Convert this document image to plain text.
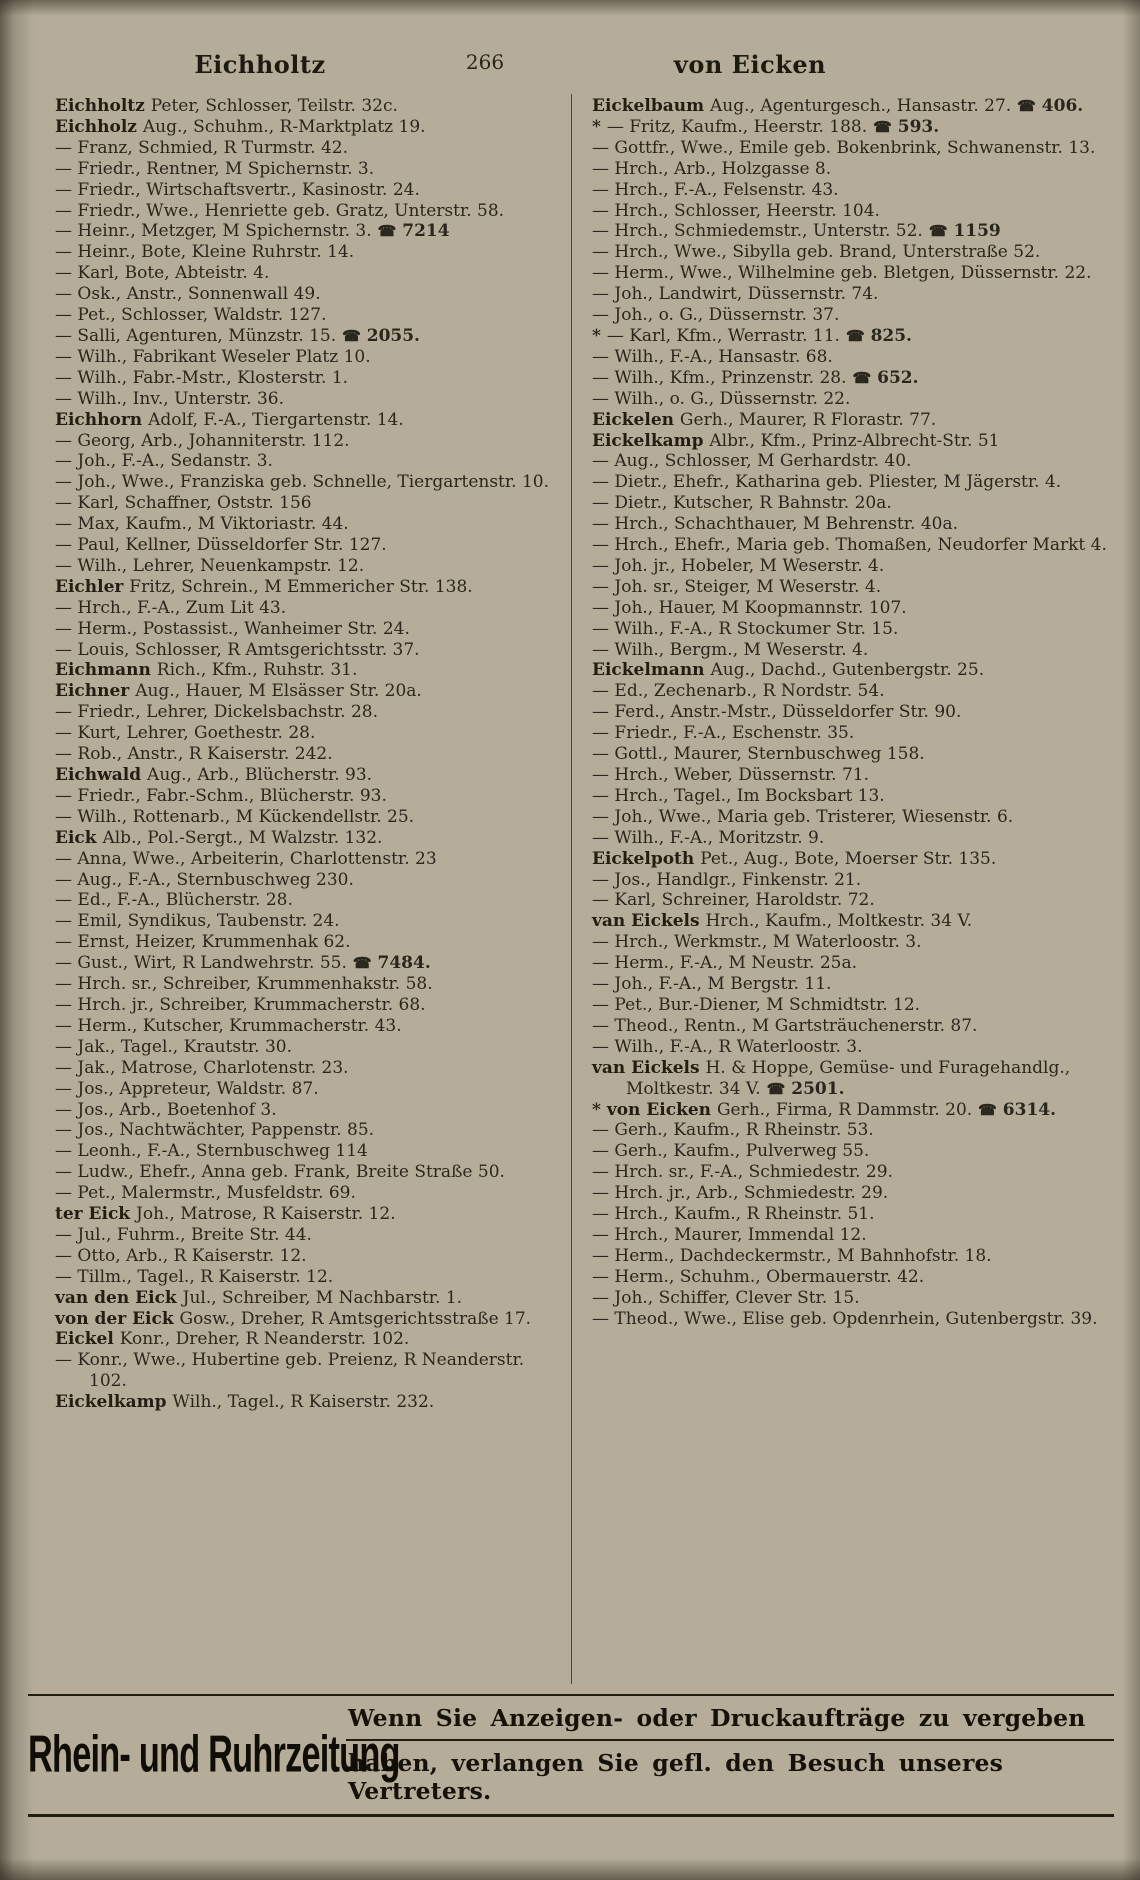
Eichholtz	266	von Eicken

Eichholtz Peter, Schlosser, Teilstr. 32c.

Eichholz Aug., Schuhm., R-Marktplatz 19.

— Franz, Schmied, R Turmstr. 42.

— Friedr., Rentner, M Spichernstr. 3.

— Friedr., Wirtschaftsvertr., Kasinostr. 24.

— Friedr., Wwe., Henriette geb. Gratz, Unterstr. 58.

— Heinr., Metzger, M Spichernstr. 3. ☎ 7214

— Heinr., Bote, Kleine Ruhrstr. 14.

— Karl, Bote, Abteistr. 4.

— Osk., Anstr., Sonnenwall 49.

— Pet., Schlosser, Waldstr. 127.

— Salli, Agenturen, Münzstr. 15. ☎ 2055.

— Wilh., Fabrikant Weseler Platz 10.

— Wilh., Fabr.-Mstr., Klosterstr. 1.

— Wilh., Inv., Unterstr. 36.

Eichhorn Adolf, F.-A., Tiergartenstr. 14.

— Georg, Arb., Johanniterstr. 112.

— Joh., F.-A., Sedanstr. 3.

— Joh., Wwe., Franziska geb. Schnelle, Tiergartenstr. 10.

— Karl, Schaffner, Oststr. 156

— Max, Kaufm., M Viktoriastr. 44.

— Paul, Kellner, Düsseldorfer Str. 127.

— Wilh., Lehrer, Neuenkampstr. 12.

Eichler Fritz, Schrein., M Emmericher Str. 138.

— Hrch., F.-A., Zum Lit 43.

— Herm., Postassist., Wanheimer Str. 24.

— Louis, Schlosser, R Amtsgerichtsstr. 37.

Eichmann Rich., Kfm., Ruhstr. 31.

Eichner Aug., Hauer, M Elsässer Str. 20a.

— Friedr., Lehrer, Dickelsbachstr. 28.

— Kurt, Lehrer, Goethestr. 28.

— Rob., Anstr., R Kaiserstr. 242.

Eichwald Aug., Arb., Blücherstr. 93.

— Friedr., Fabr.-Schm., Blücherstr. 93.

— Wilh., Rottenarb., M Kückendellstr. 25.

Eick Alb., Pol.-Sergt., M Walzstr. 132.

— Anna, Wwe., Arbeiterin, Charlottenstr. 23

— Aug., F.-A., Sternbuschweg 230.

— Ed., F.-A., Blücherstr. 28.

— Emil, Syndikus, Taubenstr. 24.

— Ernst, Heizer, Krummenhak 62.

— Gust., Wirt, R Landwehrstr. 55. ☎ 7484.

— Hrch. sr., Schreiber, Krummenhakstr. 58.

— Hrch. jr., Schreiber, Krummacherstr. 68.

— Herm., Kutscher, Krummacherstr. 43.

— Jak., Tagel., Krautstr. 30.

— Jak., Matrose, Charlotenstr. 23.

— Jos., Appreteur, Waldstr. 87.

— Jos., Arb., Boetenhof 3.

— Jos., Nachtwächter, Pappenstr. 85.

— Leonh., F.-A., Sternbuschweg 114

— Ludw., Ehefr., Anna geb. Frank, Breite Straße 50.

— Pet., Malermstr., Musfeldstr. 69.

ter Eick Joh., Matrose, R Kaiserstr. 12.

— Jul., Fuhrm., Breite Str. 44.

— Otto, Arb., R Kaiserstr. 12.

— Tillm., Tagel., R Kaiserstr. 12.

van den Eick Jul., Schreiber, M Nachbarstr. 1.

von der Eick Gosw., Dreher, R Amtsgerichtsstraße 17.

Eickel Konr., Dreher, R Neanderstr. 102.

— Konr., Wwe., Hubertine geb. Preienz, R Neanderstr. 102.

Eickelkamp Wilh., Tagel., R Kaiserstr. 232.

Eickelbaum Aug., Agenturgesch., Hansastr. 27. ☎ 406.

* — Fritz, Kaufm., Heerstr. 188. ☎ 593.

— Gottfr., Wwe., Emile geb. Bokenbrink, Schwanenstr. 13.

— Hrch., Arb., Holzgasse 8.

— Hrch., F.-A., Felsenstr. 43.

— Hrch., Schlosser, Heerstr. 104.

— Hrch., Schmiedemstr., Unterstr. 52. ☎ 1159

— Hrch., Wwe., Sibylla geb. Brand, Unterstraße 52.

— Herm., Wwe., Wilhelmine geb. Bletgen, Düssernstr. 22.

— Joh., Landwirt, Düssernstr. 74.

— Joh., o. G., Düssernstr. 37.

* — Karl, Kfm., Werrastr. 11. ☎ 825.

— Wilh., F.-A., Hansastr. 68.

— Wilh., Kfm., Prinzenstr. 28. ☎ 652.

— Wilh., o. G., Düssernstr. 22.

Eickelen Gerh., Maurer, R Florastr. 77.

Eickelkamp Albr., Kfm., Prinz-Albrecht-Str. 51

— Aug., Schlosser, M Gerhardstr. 40.

— Dietr., Ehefr., Katharina geb. Pliester, M Jägerstr. 4.

— Dietr., Kutscher, R Bahnstr. 20a.

— Hrch., Schachthauer, M Behrenstr. 40a.

— Hrch., Ehefr., Maria geb. Thomaßen, Neudorfer Markt 4.

— Joh. jr., Hobeler, M Weserstr. 4.

— Joh. sr., Steiger, M Weserstr. 4.

— Joh., Hauer, M Koopmannstr. 107.

— Wilh., F.-A., R Stockumer Str. 15.

— Wilh., Bergm., M Weserstr. 4.

Eickelmann Aug., Dachd., Gutenbergstr. 25.

— Ed., Zechenarb., R Nordstr. 54.

— Ferd., Anstr.-Mstr., Düsseldorfer Str. 90.

— Friedr., F.-A., Eschenstr. 35.

— Gottl., Maurer, Sternbuschweg 158.

— Hrch., Weber, Düssernstr. 71.

— Hrch., Tagel., Im Bocksbart 13.

— Joh., Wwe., Maria geb. Tristerer, Wiesenstr. 6.

— Wilh., F.-A., Moritzstr. 9.

Eickelpoth Pet., Aug., Bote, Moerser Str. 135.

— Jos., Handlgr., Finkenstr. 21.

— Karl, Schreiner, Haroldstr. 72.

van Eickels Hrch., Kaufm., Moltkestr. 34 V.

— Hrch., Werkmstr., M Waterloostr. 3.

— Herm., F.-A., M Neustr. 25a.

— Joh., F.-A., M Bergstr. 11.

— Pet., Bur.-Diener, M Schmidtstr. 12.

— Theod., Rentn., M Gartsträuchenerstr. 87.

— Wilh., F.-A., R Waterloostr. 3.

van Eickels H. & Hoppe, Gemüse- und Furagehandlg., Moltkestr. 34 V. ☎ 2501.

* von Eicken Gerh., Firma, R Dammstr. 20. ☎ 6314.

— Gerh., Kaufm., R Rheinstr. 53.

— Gerh., Kaufm., Pulverweg 55.

— Hrch. sr., F.-A., Schmiedestr. 29.

— Hrch. jr., Arb., Schmiedestr. 29.

— Hrch., Kaufm., R Rheinstr. 51.

— Hrch., Maurer, Immendal 12.

— Herm., Dachdeckermstr., M Bahnhofstr. 18.

— Herm., Schuhm., Obermauerstr. 42.

— Joh., Schiffer, Clever Str. 15.

— Theod., Wwe., Elise geb. Opdenrhein, Gutenbergstr. 39.

Rhein- und Ruhrzeitung
Wenn Sie Anzeigen- oder Druckaufträge zu vergeben
haben, verlangen Sie gefl. den Besuch unseres Vertreters.
